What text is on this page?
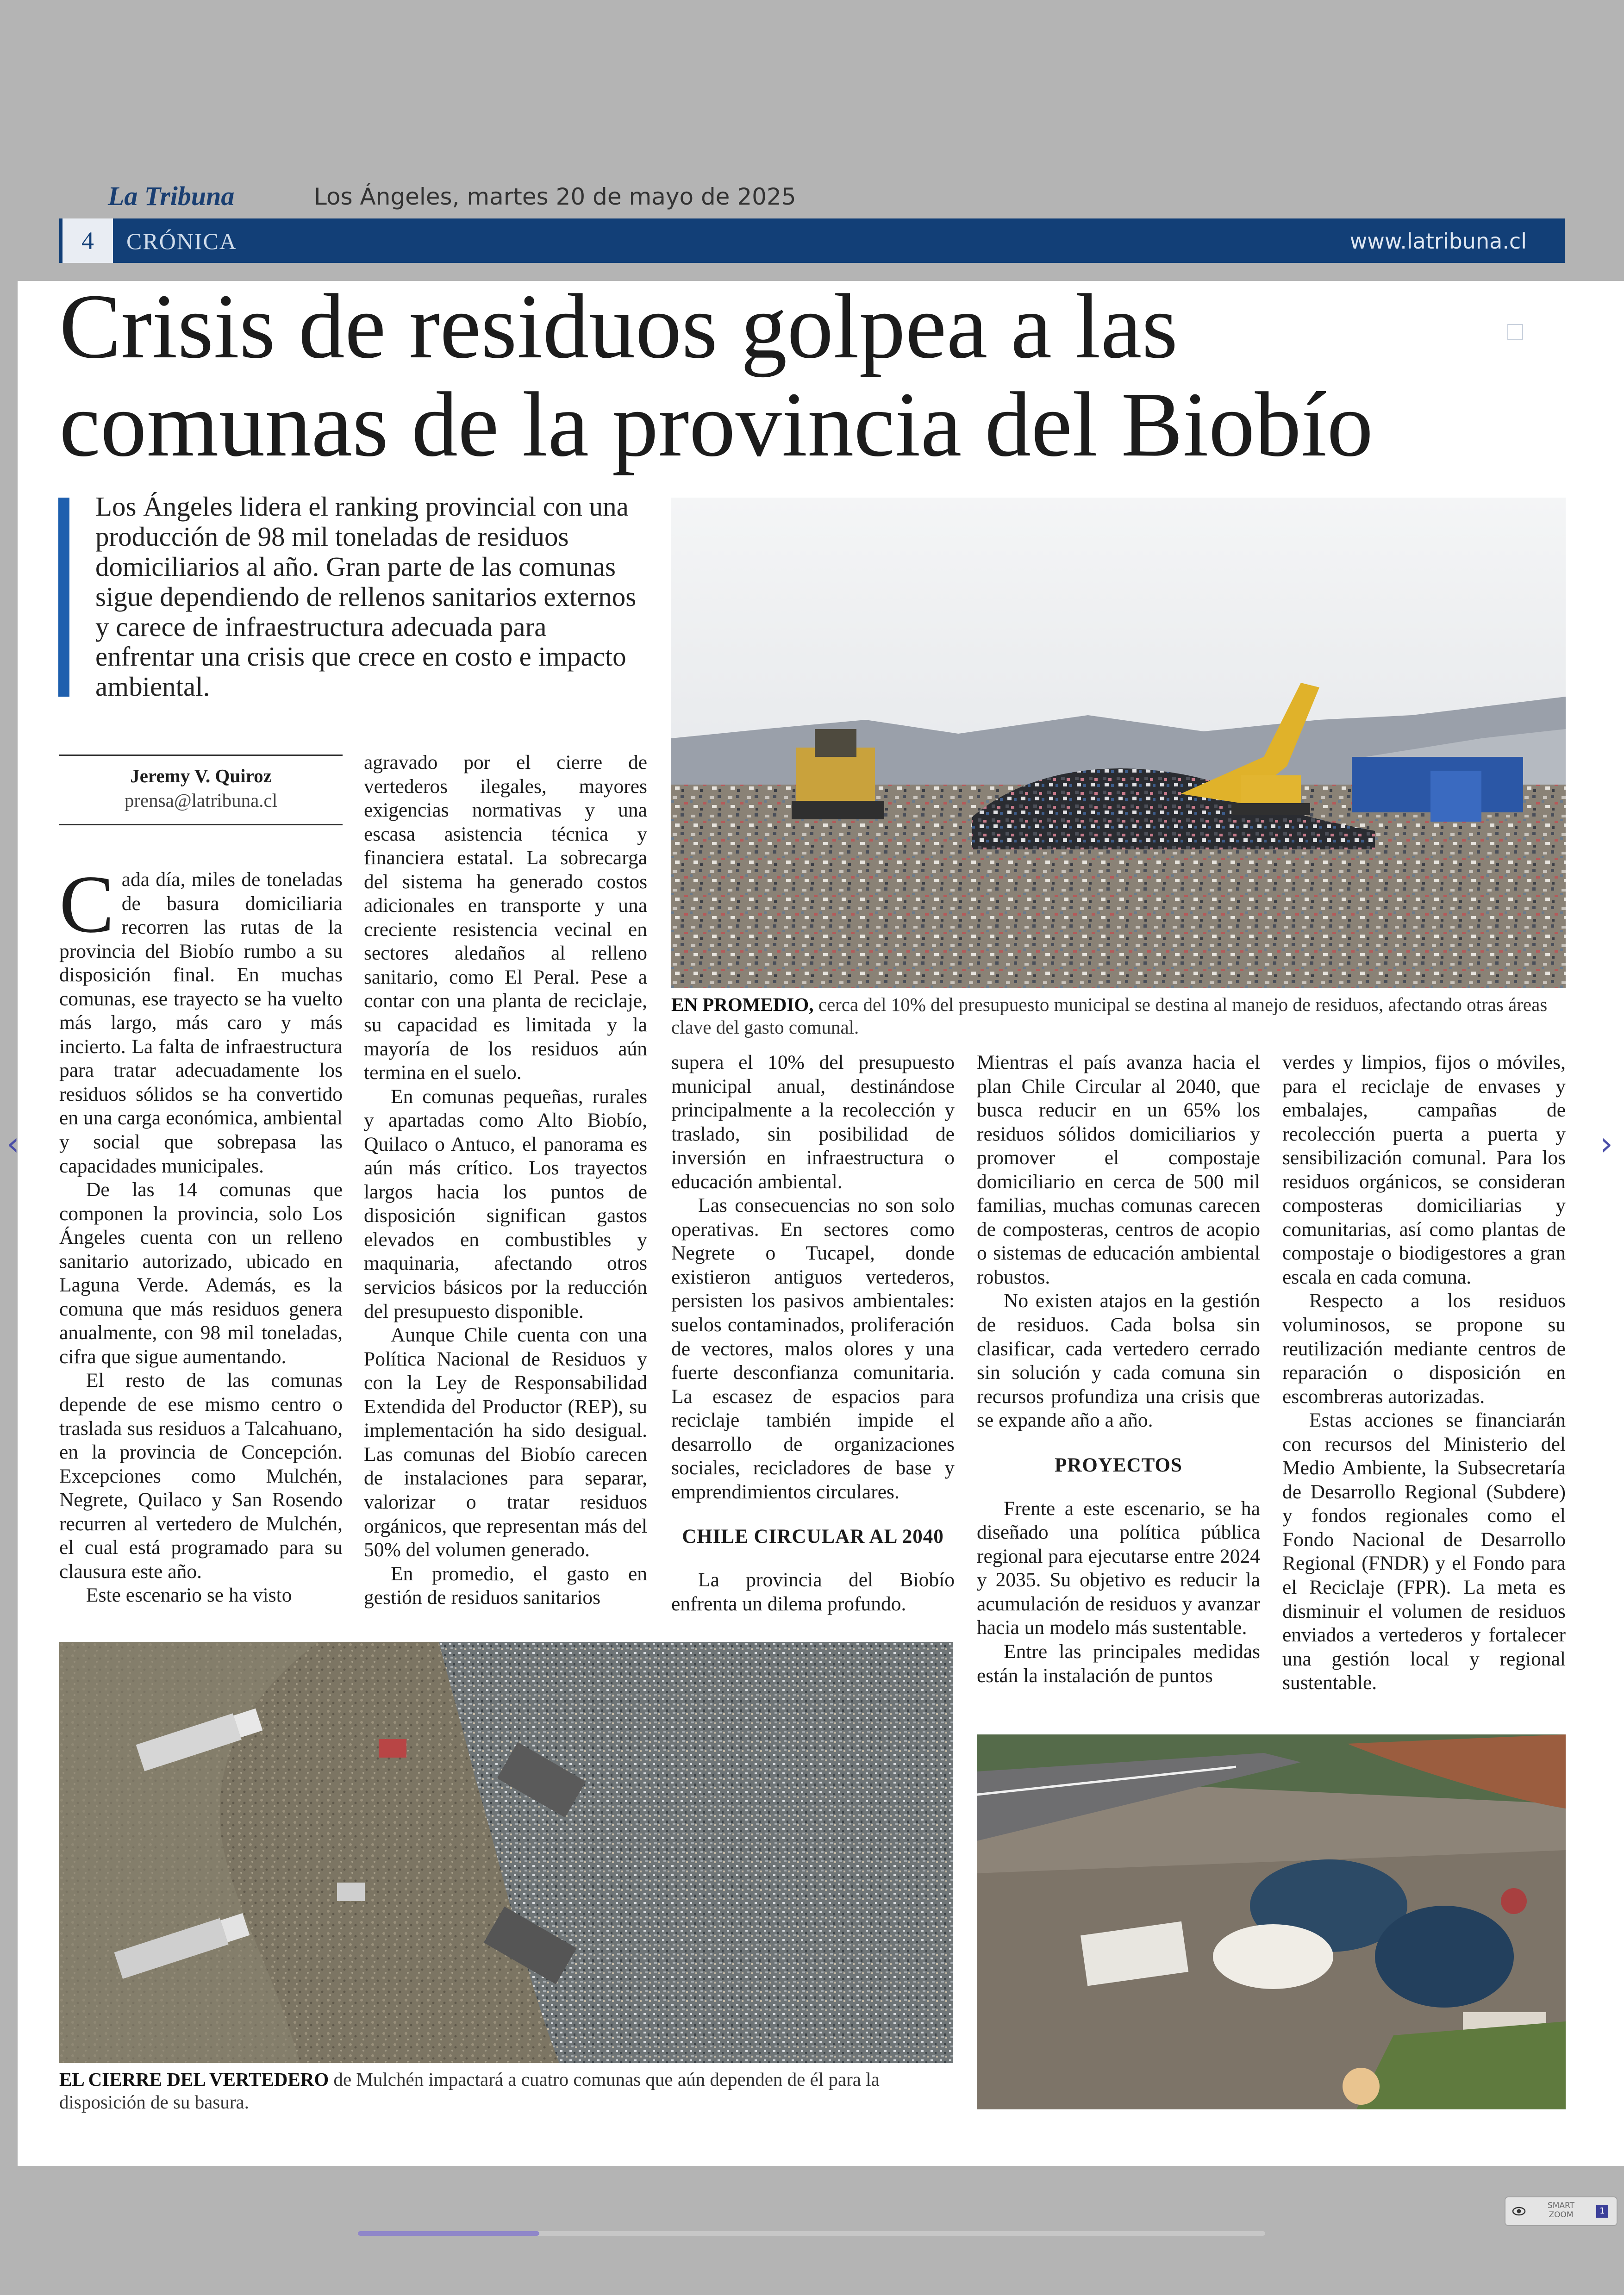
La Tribuna	Los Ángeles, martes 20 de mayo de 2025
4	CRÓNICA	www.latribuna.cl
Crisis de residuos golpea a las comunas de la provincia del Biobío
Los Ángeles lidera el ranking provincial con una producción de 98 mil toneladas de residuos domiciliarios al año. Gran parte de las comunas sigue dependiendo de rellenos sanitarios externos y carece de infraestructura adecuada para enfrentar una crisis que crece en costo e impacto ambiental.
Jeremy V. Quiroz
prensa@latribuna.cl

Cada día, miles de toneladas de basura domiciliaria recorren las rutas de la provincia del Biobío rumbo a su disposición final. En muchas comunas, ese trayecto se ha vuelto más largo, más caro y más incierto. La falta de infraestructura para tratar adecuadamente los residuos sólidos se ha convertido en una carga económica, ambiental y social que sobrepasa las capacidades municipales.

De las 14 comunas que componen la provincia, solo Los Ángeles cuenta con un relleno sanitario autorizado, ubicado en Laguna Verde. Además, es la comuna que más residuos genera anualmente, con 98 mil toneladas, cifra que sigue aumentando.

El resto de las comunas depende de ese mismo centro o traslada sus residuos a Talcahuano, en la provincia de Concepción. Excepciones como Mulchén, Negrete, Quilaco y San Rosendo recurren al vertedero de Mulchén, el cual está programado para su clausura este año.

Este escenario se ha visto

agravado por el cierre de vertederos ilegales, mayores exigencias normativas y una escasa asistencia técnica y financiera estatal. La sobrecarga del sistema ha generado costos adicionales en transporte y una creciente resistencia vecinal en sectores aledaños al relleno sanitario, como El Peral. Pese a contar con una planta de reciclaje, su capacidad es limitada y la mayoría de los residuos aún termina en el suelo.

En comunas pequeñas, rurales y apartadas como Alto Biobío, Quilaco o Antuco, el panorama es aún más crítico. Los trayectos largos hacia los puntos de disposición significan gastos elevados en combustibles y maquinaria, afectando otros servicios básicos por la reducción del presupuesto disponible.

Aunque Chile cuenta con una Política Nacional de Residuos y con la Ley de Responsabilidad Extendida del Productor (REP), su implementación ha sido desigual. Las comunas del Biobío carecen de instalaciones para separar, valorizar o tratar residuos orgánicos, que representan más del 50% del volumen generado.

En promedio, el gasto en gestión de residuos sanitarios

EN PROMEDIO, cerca del 10% del presupuesto municipal se destina al manejo de residuos, afectando otras áreas clave del gasto comunal.

supera el 10% del presupuesto municipal anual, destinándose principalmente a la recolección y traslado, sin posibilidad de inversión en infraestructura o educación ambiental.

Las consecuencias no son solo operativas. En sectores como Negrete o Tucapel, donde existieron antiguos vertederos, persisten los pasivos ambientales: suelos contaminados, proliferación de vectores, malos olores y una fuerte desconfianza comunitaria. La escasez de espacios para reciclaje también impide el desarrollo de organizaciones sociales, recicladores de base y emprendimientos circulares.

CHILE CIRCULAR AL 2040

La provincia del Biobío enfrenta un dilema profundo.

Mientras el país avanza hacia el plan Chile Circular al 2040, que busca reducir en un 65% los residuos sólidos domiciliarios y promover el compostaje domiciliario en cerca de 500 mil familias, muchas comunas carecen de composteras, centros de acopio o sistemas de educación ambiental robustos.

No existen atajos en la gestión de residuos. Cada bolsa sin clasificar, cada vertedero cerrado sin solución y cada comuna sin recursos profundiza una crisis que se expande año a año.

PROYECTOS

Frente a este escenario, se ha diseñado una política pública regional para ejecutarse entre 2024 y 2035. Su objetivo es reducir la acumulación de residuos y avanzar hacia un modelo más sustentable.

Entre las principales medidas están la instalación de puntos

verdes y limpios, fijos o móviles, para el reciclaje de envases y embalajes, campañas de recolección puerta a puerta y sensibilización comunal. Para los residuos orgánicos, se consideran composteras domiciliarias y comunitarias, así como plantas de compostaje o biodigestores a gran escala en cada comuna.

Respecto a los residuos voluminosos, se propone su reutilización mediante centros de reparación o disposición en escombreras autorizadas.

Estas acciones se financiarán con recursos del Ministerio del Medio Ambiente, la Subsecretaría de Desarrollo Regional (Subdere) y fondos regionales como el Fondo Nacional de Desarrollo Regional (FNDR) y el Fondo para el Reciclaje (FPR). La meta es disminuir el volumen de residuos enviados a vertederos y fortalecer una gestión local y regional sustentable.

EL CIERRE DEL VERTEDERO de Mulchén impactará a cuatro comunas que aún dependen de él para la disposición de su basura.
‹	›
SMART
ZOOM	1
